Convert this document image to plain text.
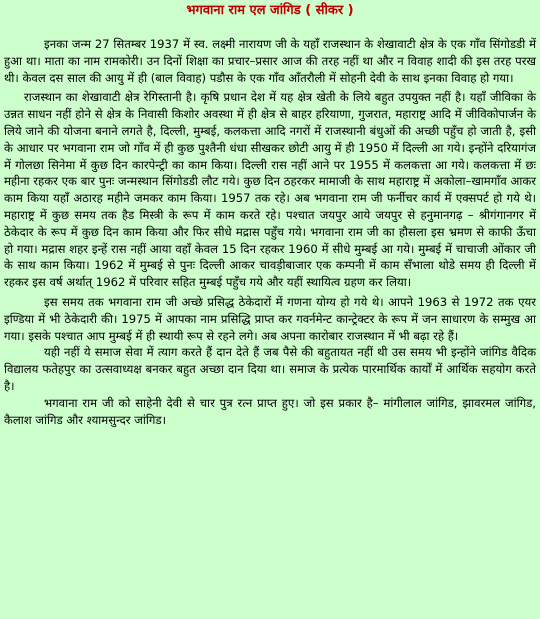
भगवाना राम एल जांगिड ( सीकर )

इनका जन्म 27 सितम्बर 1937 में स्व. लक्ष्मी नारायण जी के यहाँ राजस्थान के शेखावाटी क्षेत्र के एक गाँव सिंगोडडी में हुआ था। माता का नाम रामकोरी। उन दिनों शिक्षा का प्रचार–प्रसार आज की तरह नहीं था और न विवाह शादी की इस तरह परख थी। केवल दस साल की आयु में ही (बाल विवाह) पडौस के एक गाँव ऑंतरौली में सोहनी देवी के साथ इनका विवाह हो गया।

राजस्थान का शेखावाटी क्षेत्र रेगिस्तानी है। कृषि प्रधान देश में यह क्षेत्र खेती के लिये बहुत उपयुक्त नहीं है। यहाँ जीविका के उन्नत साधन नहीं होने से क्षेत्र के निवासी किशोर अवस्था में ही क्षेत्र से बाहर हरियाणा, गुजरात, महाराष्ट्र आदि में जीविकोपार्जन के लिये जाने की योजना बनाने लगते है, दिल्ली, मुम्बई, कलकत्ता आदि नगरों में राजस्थानी बंधुओं की अच्छी पहुँच हो जाती है, इसी के आधार पर भगवाना राम जो गाँव में ही कुछ पुश्तैनी धंधा सीखकर छोटी आयु में ही 1950 में दिल्ली आ गये। इन्होंने दरियागंज में गोलछा सिनेमा में कुछ दिन कारपेन्ट्री का काम किया। दिल्ली रास नहीं आने पर 1955 में कलकत्ता आ गये। कलकत्ता में छः महीना रहकर एक बार पुनः जन्मस्थान सिंगोडडी लौट गये। कुछ दिन ठहरकर मामाजी के साथ महाराष्ट्र में अकोला–खामगाँव आकर काम किया यहाँ अठारह महीने जमकर काम किया। 1957 तक रहे। अब भगवाना राम जी फर्नीचर कार्य में एक्सपर्ट हो गये थे। महाराष्ट्र में कुछ समय तक हैड मिस्त्री के रूप में काम करते रहे। पश्चात जयपुर आये जयपुर से हनुमानगढ़ – श्रीगंगानगर में ठेकेदार के रूप में कुछ दिन काम किया और फिर सीधे मद्रास पहुँच गये। भगवाना राम जी का हौसला इस भ्रमण से काफी ऊँचा हो गया। मद्रास शहर इन्हें रास नहीं आया वहाँ केवल 15 दिन रहकर 1960 में सीधे मुम्बई आ गये। मुम्बई में चाचाजी ओंकार जी के साथ काम किया। 1962 में मुम्बई से पुनः दिल्ली आकर चावड़ीबाजार एक कम्पनी में काम सँभाला थोडे समय ही दिल्ली में रहकर इस वर्ष अर्थात् 1962 में परिवार सहित मुम्बई पहुँच गये और यहीं स्थायित्व ग्रहण कर लिया।

इस समय तक भगवाना राम जी अच्छे प्रसिद्ध ठेकेदारों में गणना योग्य हो गये थे। आपने 1963 से 1972 तक एयर इण्डिया में भी ठेकेदारी की। 1975 में आपका नाम प्रसिद्धि प्राप्त कर गवर्नमेन्ट कान्ट्रेक्टर के रूप में जन साधारण के सम्मुख आ गया। इसके पश्चात आप मुम्बई में ही स्थायी रूप से रहने लगे। अब अपना कारोबार राजस्थान में भी बढ़ा रहे हैं।

यही नहीं ये समाज सेवा में त्याग करते हैं दान देते हैं जब पैसे की बहुतायत नहीं थी उस समय भी इन्होंने जांगिड वैदिक विद्यालय फतेहपुर का उत्सवाध्यक्ष बनकर बहुत अच्छा दान दिया था। समाज के प्रत्येक पारमार्थिक कार्यों में आर्थिक सहयोग करते है।

भगवाना राम जी को साहेनी देवी से चार पुत्र रत्न प्राप्त हुए। जो इस प्रकार है– मांगीलाल जांगिड, झावरमल जांगिड, कैलाश जांगिड और श्यामसुन्दर जांगिड।
